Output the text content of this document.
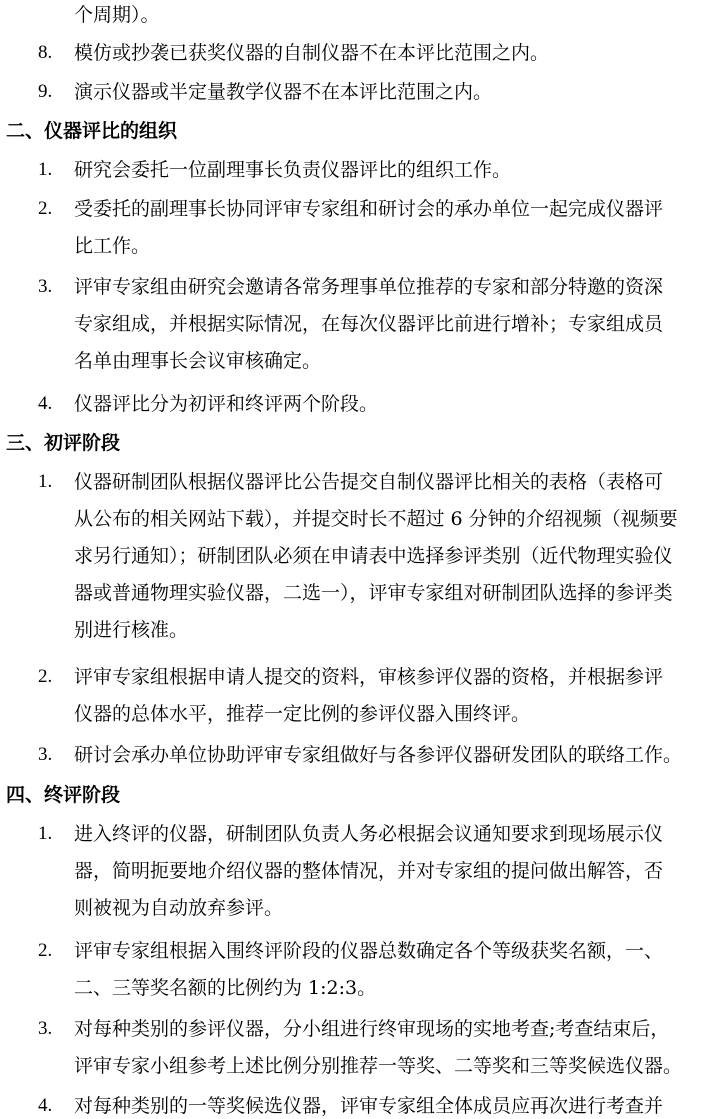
个周期）。
8. 模仿或抄袭已获奖仪器的自制仪器不在本评比范围之内。
9. 演示仪器或半定量教学仪器不在本评比范围之内。
二、仪器评比的组织
1. 研究会委托一位副理事长负责仪器评比的组织工作。
2. 受委托的副理事长协同评审专家组和研讨会的承办单位一起完成仪器评
比工作。
3. 评审专家组由研究会邀请各常务理事单位推荐的专家和部分特邀的资深
专家组成，并根据实际情况，在每次仪器评比前进行增补；专家组成员
名单由理事长会议审核确定。
4. 仪器评比分为初评和终评两个阶段。
三、初评阶段
1. 仪器研制团队根据仪器评比公告提交自制仪器评比相关的表格（表格可
从公布的相关网站下载），并提交时长不超过 6 分钟的介绍视频（视频要
求另行通知）；研制团队必须在申请表中选择参评类别（近代物理实验仪
器或普通物理实验仪器，二选一），评审专家组对研制团队选择的参评类
别进行核准。
2. 评审专家组根据申请人提交的资料，审核参评仪器的资格，并根据参评
仪器的总体水平，推荐一定比例的参评仪器入围终评。
3. 研讨会承办单位协助评审专家组做好与各参评仪器研发团队的联络工作。
四、终评阶段
1. 进入终评的仪器，研制团队负责人务必根据会议通知要求到现场展示仪
器，简明扼要地介绍仪器的整体情况，并对专家组的提问做出解答，否
则被视为自动放弃参评。
2. 评审专家组根据入围终评阶段的仪器总数确定各个等级获奖名额，一、
二、三等奖名额的比例约为 1:2:3。
3. 对每种类别的参评仪器，分小组进行终审现场的实地考查;考查结束后，
评审专家小组参考上述比例分别推荐一等奖、二等奖和三等奖候选仪器。
4. 对每种类别的一等奖候选仪器，评审专家组全体成员应再次进行考查并
